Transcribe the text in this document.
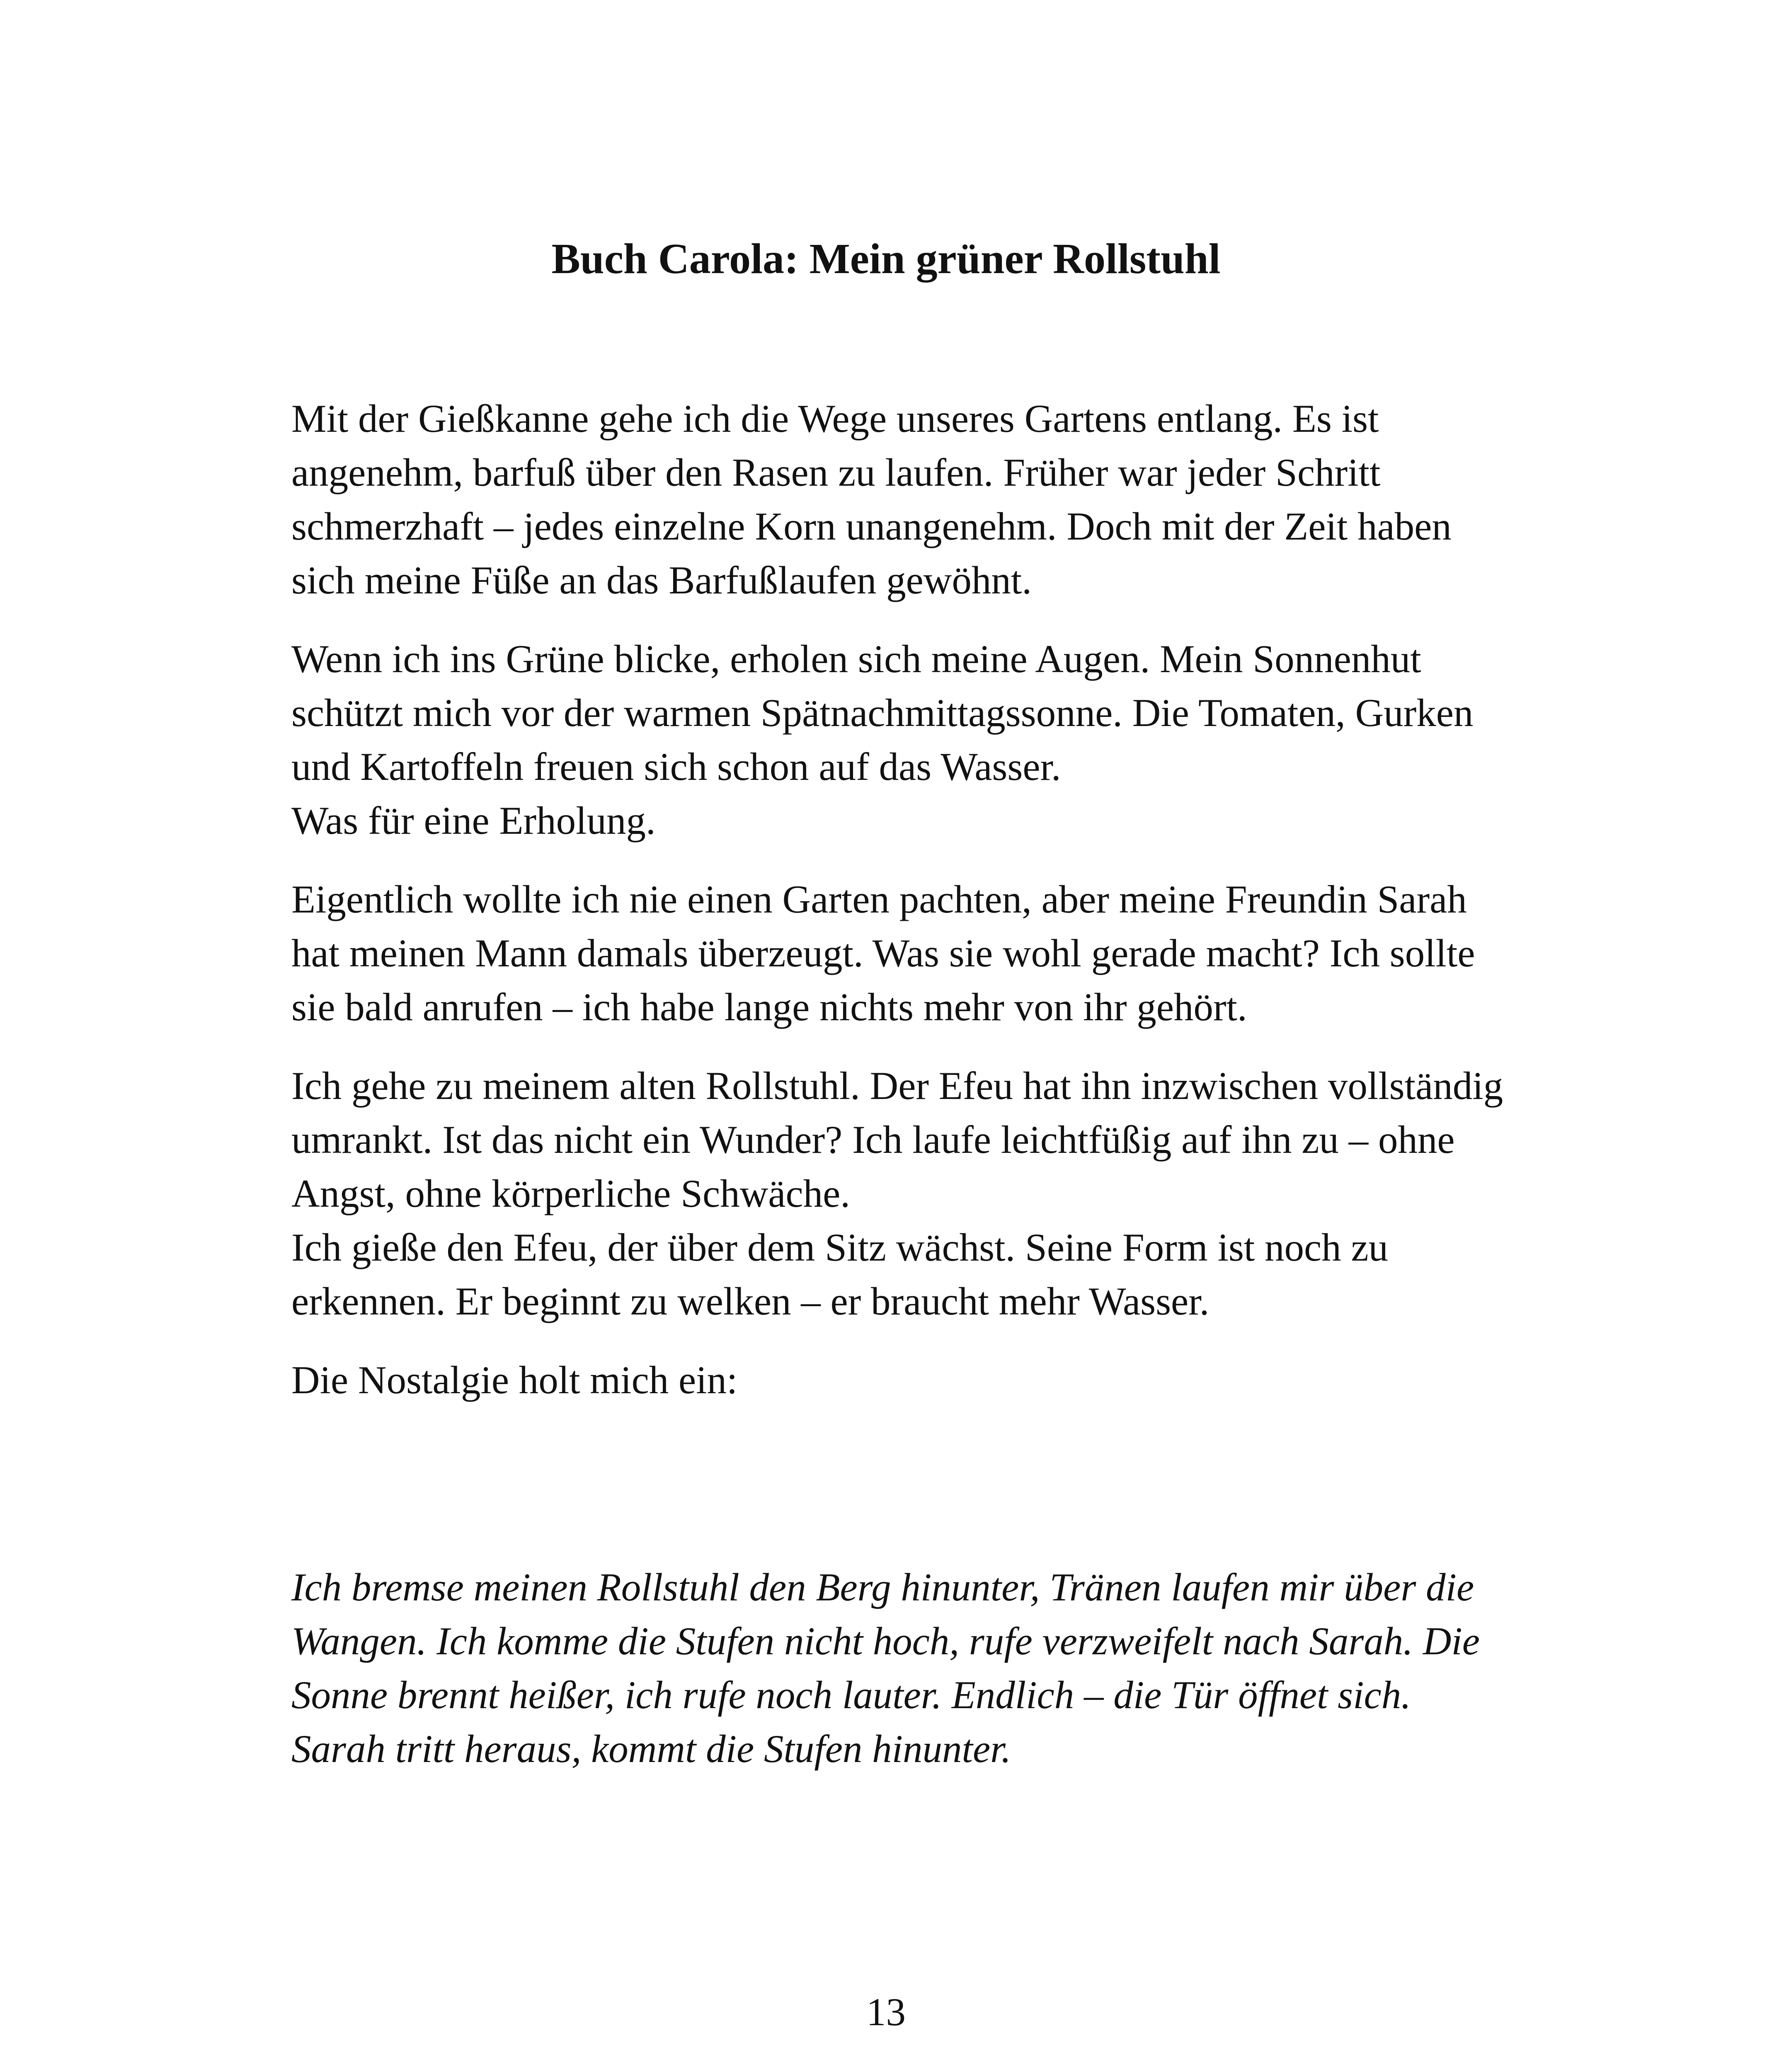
Buch Carola: Mein grüner Rollstuhl

Mit der Gießkanne gehe ich die Wege unseres Gartens entlang. Es ist
angenehm, barfuß über den Rasen zu laufen. Früher war jeder Schritt
schmerzhaft – jedes einzelne Korn unangenehm. Doch mit der Zeit haben
sich meine Füße an das Barfußlaufen gewöhnt.

Wenn ich ins Grüne blicke, erholen sich meine Augen. Mein Sonnenhut
schützt mich vor der warmen Spätnachmittagssonne. Die Tomaten, Gurken
und Kartoffeln freuen sich schon auf das Wasser.
Was für eine Erholung.

Eigentlich wollte ich nie einen Garten pachten, aber meine Freundin Sarah
hat meinen Mann damals überzeugt. Was sie wohl gerade macht? Ich sollte
sie bald anrufen – ich habe lange nichts mehr von ihr gehört.

Ich gehe zu meinem alten Rollstuhl. Der Efeu hat ihn inzwischen vollständig
umrankt. Ist das nicht ein Wunder? Ich laufe leichtfüßig auf ihn zu – ohne
Angst, ohne körperliche Schwäche.
Ich gieße den Efeu, der über dem Sitz wächst. Seine Form ist noch zu
erkennen. Er beginnt zu welken – er braucht mehr Wasser.

Die Nostalgie holt mich ein:

Ich bremse meinen Rollstuhl den Berg hinunter, Tränen laufen mir über die
Wangen. Ich komme die Stufen nicht hoch, rufe verzweifelt nach Sarah. Die
Sonne brennt heißer, ich rufe noch lauter. Endlich – die Tür öffnet sich.
Sarah tritt heraus, kommt die Stufen hinunter.

13
